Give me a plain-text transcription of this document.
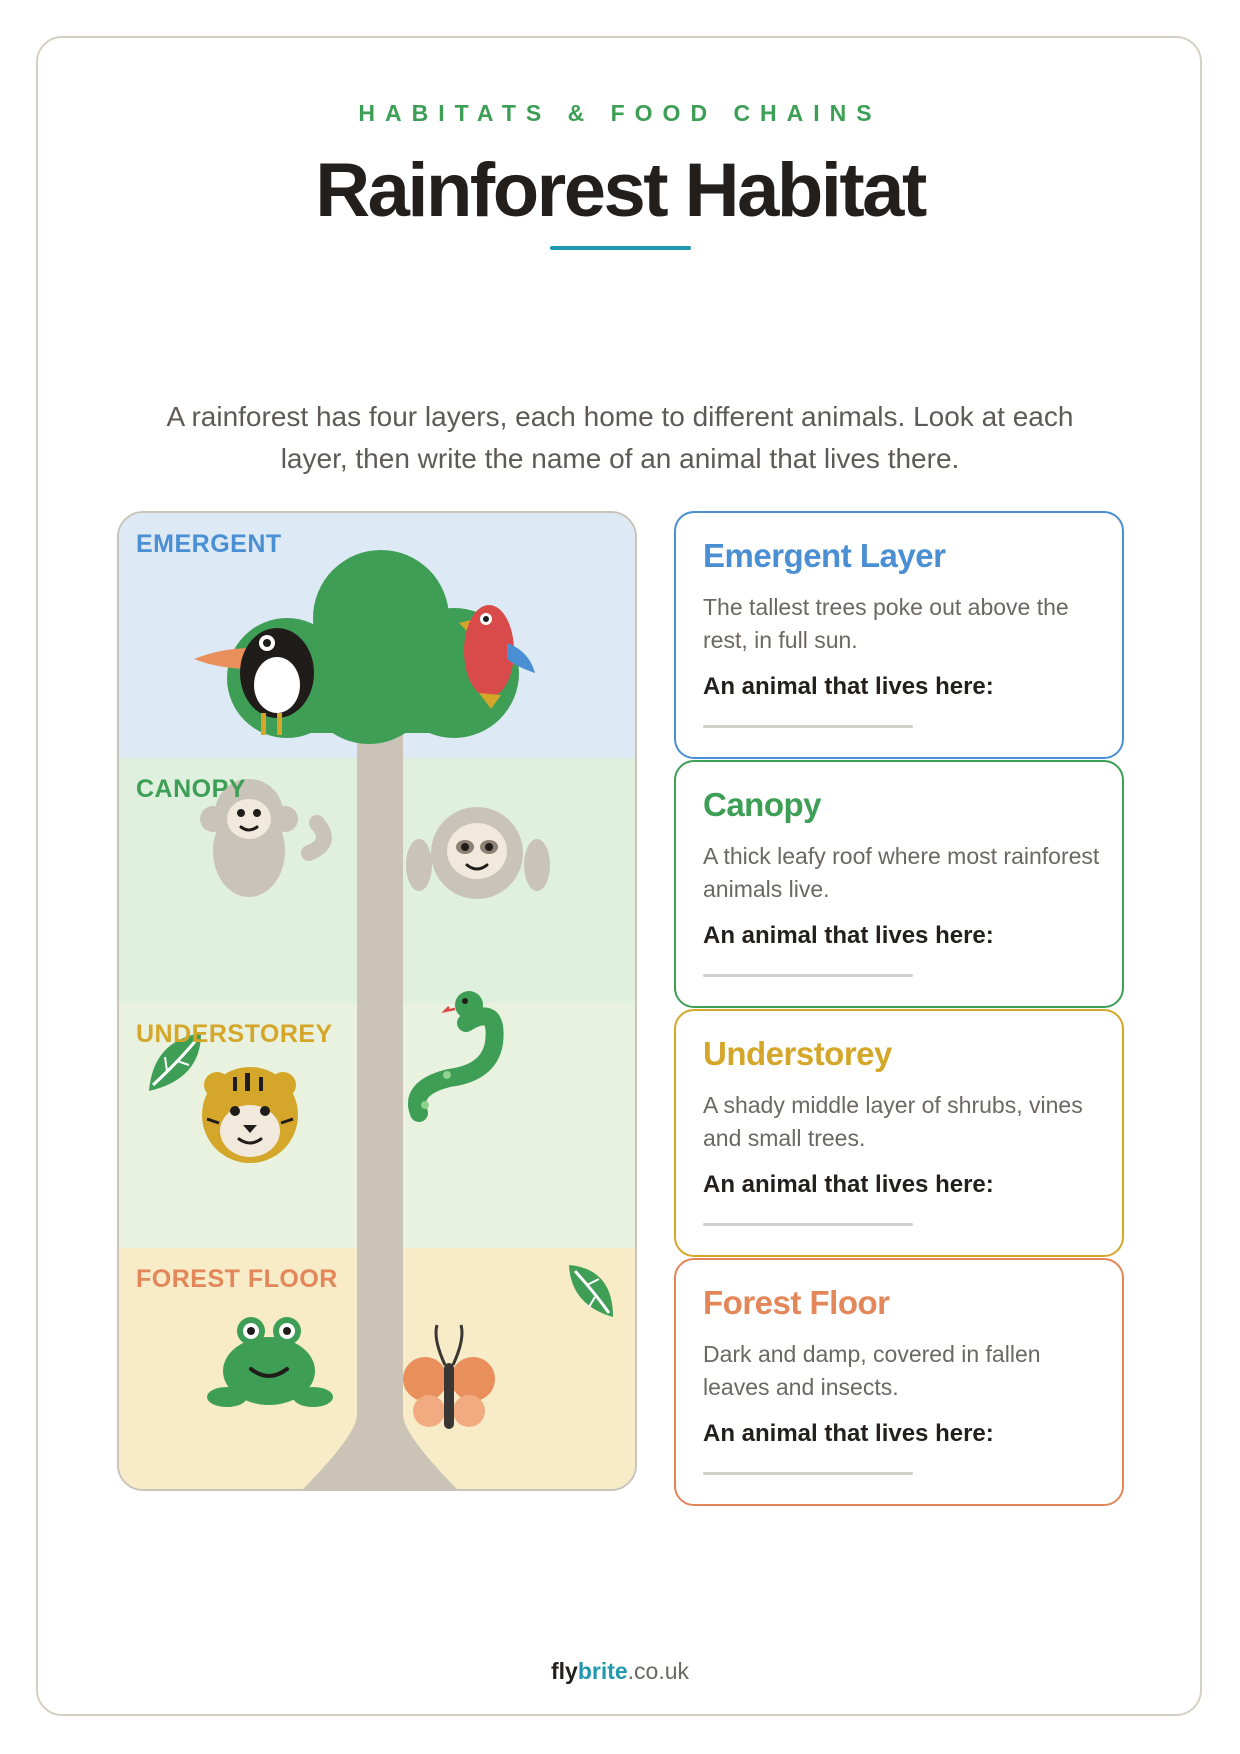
HABITATS & FOOD CHAINS
Rainforest Habitat
A rainforest has four layers, each home to different animals. Look at each layer, then write the name of an animal that lives there.
EMERGENT
CANOPY
UNDERSTOREY
FOREST FLOOR
Emergent Layer
The tallest trees poke out above the rest, in full sun.
An animal that lives here:
Canopy
A thick leafy roof where most rainforest animals live.
An animal that lives here:
Understorey
A shady middle layer of shrubs, vines and small trees.
An animal that lives here:
Forest Floor
Dark and damp, covered in fallen leaves and insects.
An animal that lives here:
flybrite.co.uk
